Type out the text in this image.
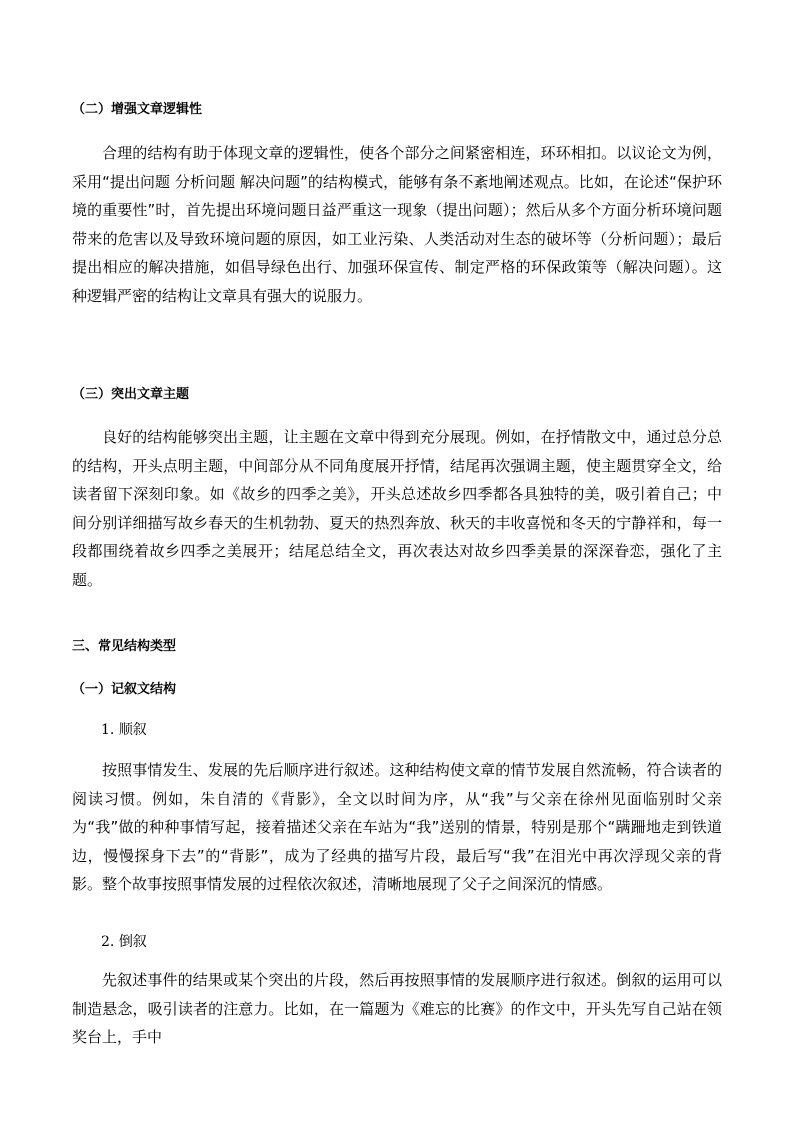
（二）增强文章逻辑性

合理的结构有助于体现文章的逻辑性，使各个部分之间紧密相连，环环相扣。以议论文为例，采用“提出问题 分析问题 解决问题”的结构模式，能够有条不紊地阐述观点。比如，在论述“保护环境的重要性”时，首先提出环境问题日益严重这一现象（提出问题）；然后从多个方面分析环境问题带来的危害以及导致环境问题的原因，如工业污染、人类活动对生态的破坏等（分析问题）；最后提出相应的解决措施，如倡导绿色出行、加强环保宣传、制定严格的环保政策等（解决问题）。这种逻辑严密的结构让文章具有强大的说服力。

（三）突出文章主题

良好的结构能够突出主题，让主题在文章中得到充分展现。例如，在抒情散文中，通过总分总的结构，开头点明主题，中间部分从不同角度展开抒情，结尾再次强调主题，使主题贯穿全文，给读者留下深刻印象。如《故乡的四季之美》，开头总述故乡四季都各具独特的美，吸引着自己；中间分别详细描写故乡春天的生机勃勃、夏天的热烈奔放、秋天的丰收喜悦和冬天的宁静祥和，每一段都围绕着故乡四季之美展开；结尾总结全文，再次表达对故乡四季美景的深深眷恋，强化了主题。

三、常见结构类型
（一）记叙文结构
1. 顺叙

按照事情发生、发展的先后顺序进行叙述。这种结构使文章的情节发展自然流畅，符合读者的阅读习惯。例如，朱自清的《背影》，全文以时间为序，从“我”与父亲在徐州见面临别时父亲为“我”做的种种事情写起，接着描述父亲在车站为“我”送别的情景，特别是那个“蹒跚地走到铁道边，慢慢探身下去”的“背影”，成为了经典的描写片段，最后写“我”在泪光中再次浮现父亲的背影。整个故事按照事情发展的过程依次叙述，清晰地展现了父子之间深沉的情感。

2. 倒叙

先叙述事件的结果或某个突出的片段，然后再按照事情的发展顺序进行叙述。倒叙的运用可以制造悬念，吸引读者的注意力。比如，在一篇题为《难忘的比赛》的作文中，开头先写自己站在领奖台上，手中
